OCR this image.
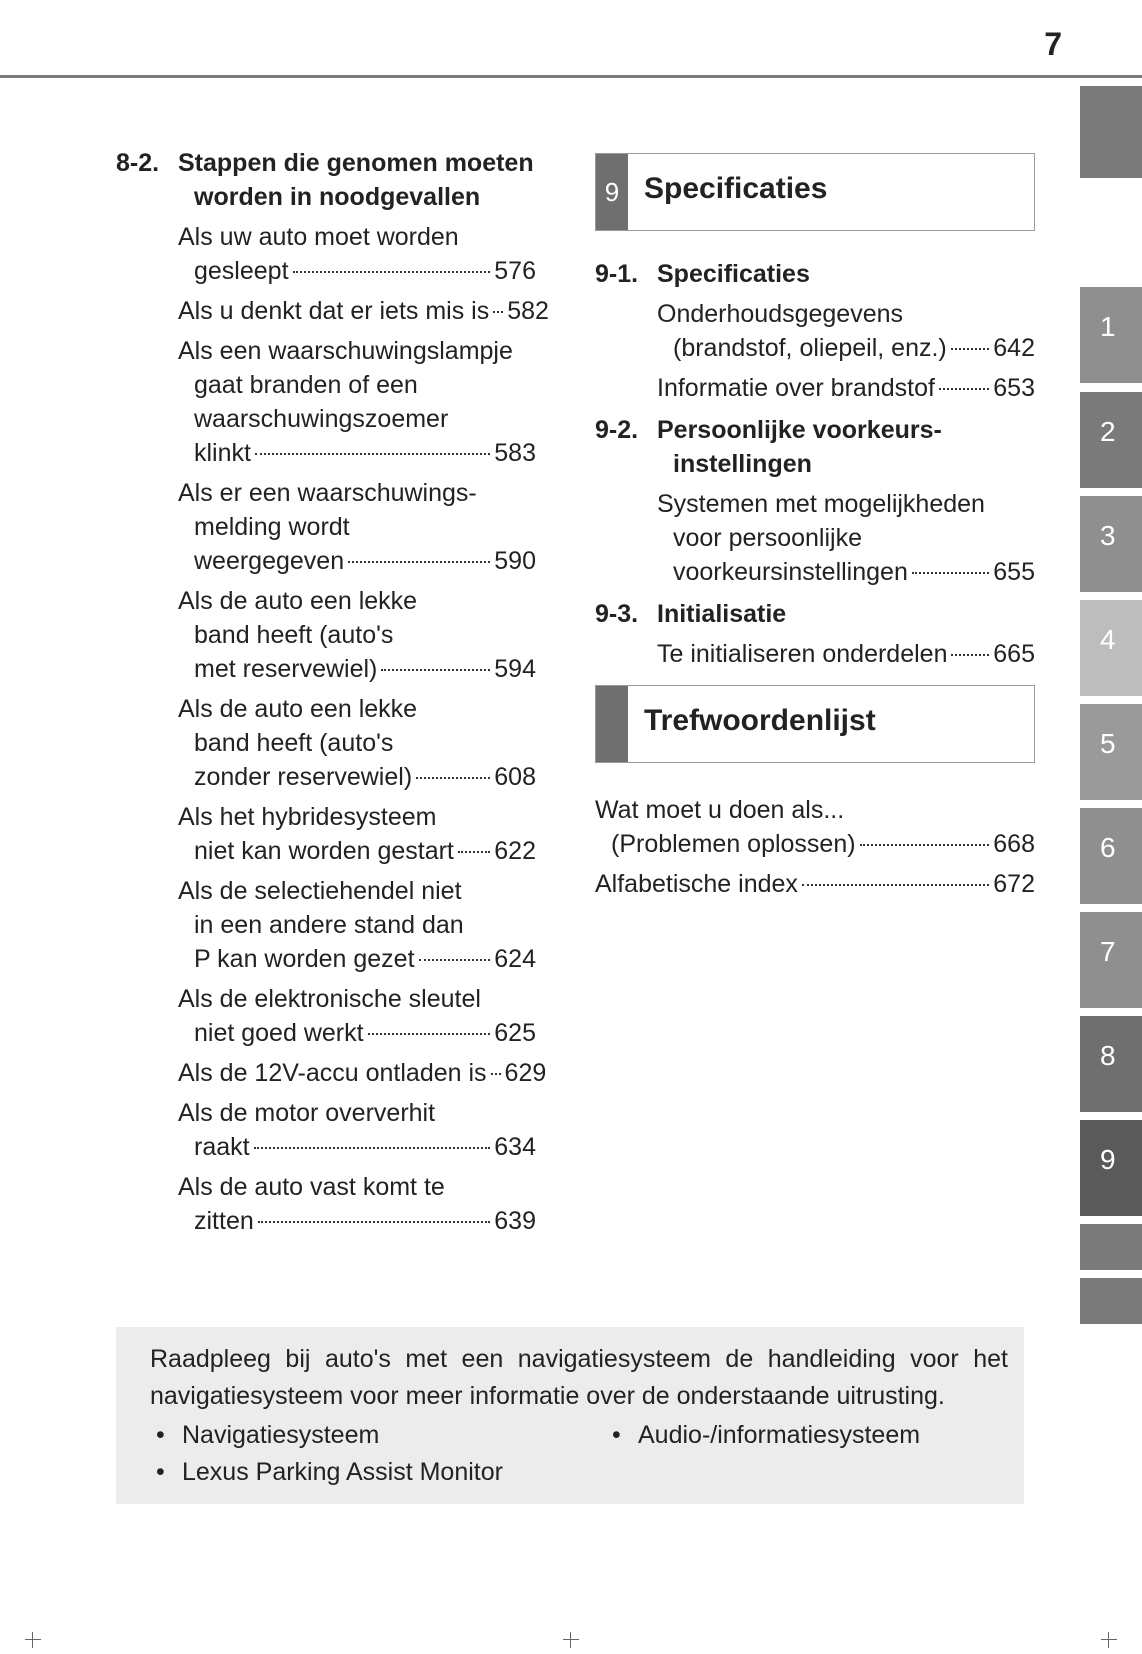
7
1
2
3
4
5
6
7
8
9
8-2. Stappen die genomen moeten worden in noodgevallen
Als uw auto moet worden
gesleept	576
Als u denkt dat er iets mis is 582
Als een waarschuwingslampje
gaat branden of een
waarschuwingszoemer
klinkt	583
Als er een waarschuwings-
melding wordt
weergegeven	590
Als de auto een lekke
band heeft (auto's
met reservewiel)	594
Als de auto een lekke
band heeft (auto's
zonder reservewiel)	608
Als het hybridesysteem
niet kan worden gestart 622
Als de selectiehendel niet
in een andere stand dan
P kan worden gezet	624
Als de elektronische sleutel
niet goed werkt	625
Als de 12V-accu ontladen is 629
Als de motor oververhit
raakt	634
Als de auto vast komt te
zitten	639
9 Specificaties
9-1. Specificaties
Onderhoudsgegevens
(brandstof, oliepeil, enz.) 642
Informatie over brandstof 653
9-2. Persoonlijke voorkeurs-instellingen
Systemen met mogelijkheden
voor persoonlijke
voorkeursinstellingen	655
9-3. Initialisatie
Te initialiseren onderdelen 665
Trefwoordenlijst
Wat moet u doen als...
(Problemen oplossen)	668
Alfabetische index	672
Raadpleeg bij auto's met een navigatiesysteem de handleiding voor het navigatiesysteem voor meer informatie over de onderstaande uitrusting.
• Navigatiesysteem	• Audio-/informatiesysteem
• Lexus Parking Assist Monitor
